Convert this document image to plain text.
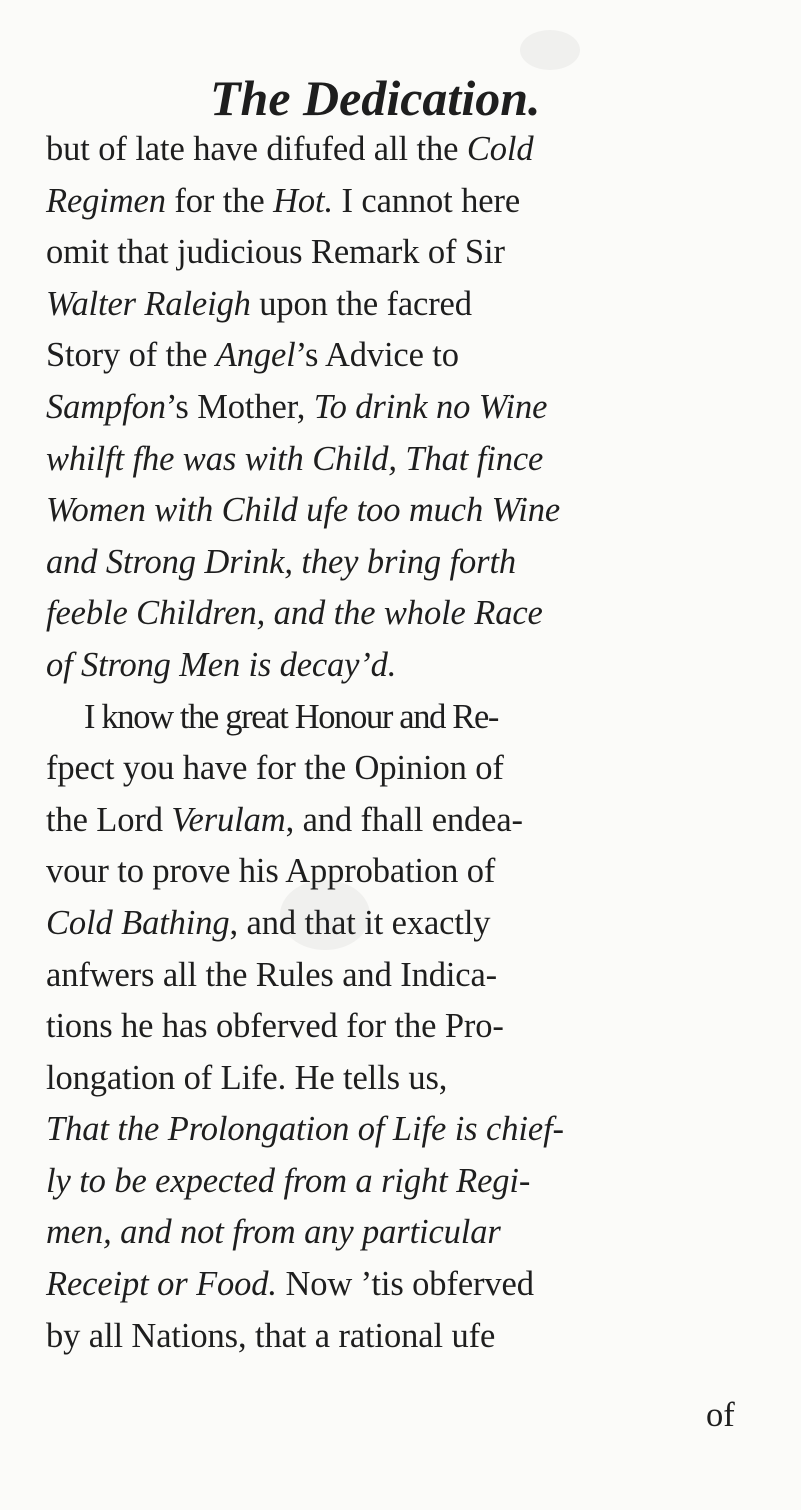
The Dedication.
but of late have difufed all the Cold
Regimen for the Hot. I cannot here
omit that judicious Remark of Sir
Walter Raleigh upon the facred
Story of the Angel’s Advice to
Sampfon’s Mother, To drink no Wine
whilft fhe was with Child, That fince
Women with Child ufe too much Wine
and Strong Drink, they bring forth
feeble Children, and the whole Race
of Strong Men is decay’d.
I know the great Honour and Re-
fpect you have for the Opinion of
the Lord Verulam, and fhall endea-
vour to prove his Approbation of
Cold Bathing, and that it exactly
anfwers all the Rules and Indica-
tions he has obferved for the Pro-
longation of Life. He tells us,
That the Prolongation of Life is chief-
ly to be expected from a right Regi-
men, and not from any particular
Receipt or Food. Now ’tis obferved
by all Nations, that a rational ufe
of
